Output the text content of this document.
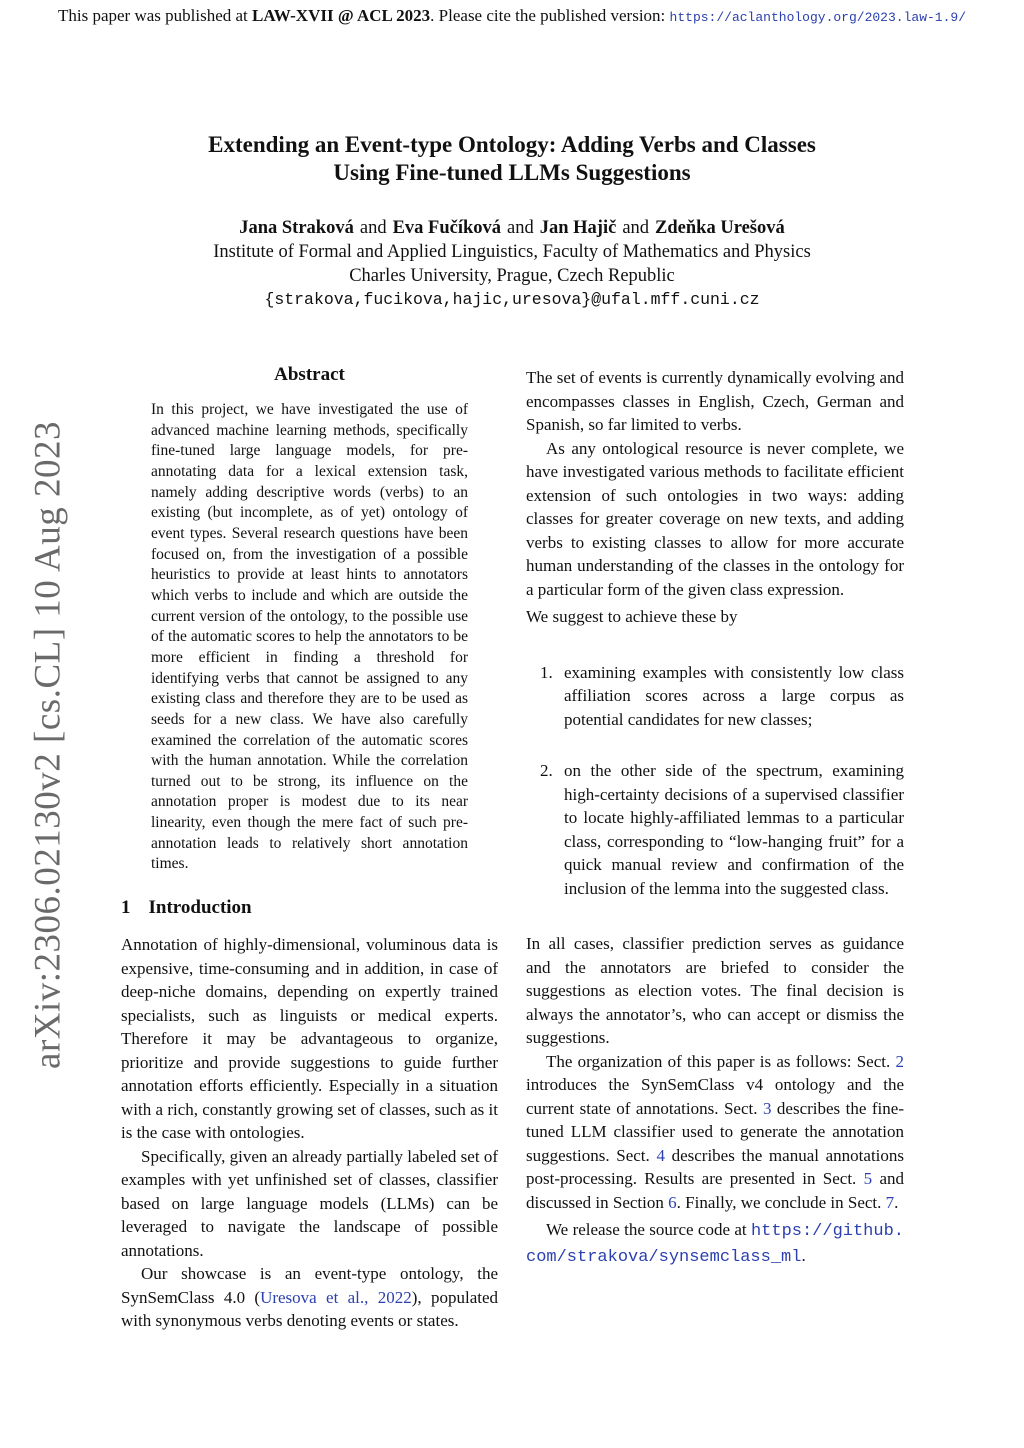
This paper was published at LAW-XVII @ ACL 2023. Please cite the published version: https://aclanthology.org/2023.law-1.9/
arXiv:2306.02130v2 [cs.CL] 10 Aug 2023
Extending an Event-type Ontology: Adding Verbs and Classes
Using Fine-tuned LLMs Suggestions
Jana Straková and Eva Fučíková and Jan Hajič and Zdeňka Urešová
Institute of Formal and Applied Linguistics, Faculty of Mathematics and Physics
Charles University, Prague, Czech Republic
{strakova,fucikova,hajic,uresova}@ufal.mff.cuni.cz
Abstract

In this project, we have investigated the use of advanced machine learning methods, specifically fine-tuned large language models, for pre-annotating data for a lexical extension task, namely adding descriptive words (verbs) to an existing (but incomplete, as of yet) ontology of event types. Several research questions have been focused on, from the investigation of a possible heuristics to provide at least hints to annotators which verbs to include and which are outside the current version of the ontology, to the possible use of the automatic scores to help the annotators to be more efficient in finding a threshold for identifying verbs that cannot be assigned to any existing class and therefore they are to be used as seeds for a new class. We have also carefully examined the correlation of the automatic scores with the human annotation. While the correlation turned out to be strong, its influence on the annotation proper is modest due to its near linearity, even though the mere fact of such pre-annotation leads to relatively short annotation times.

1 Introduction

Annotation of highly-dimensional, voluminous data is expensive, time-consuming and in addition, in case of deep-niche domains, depending on expertly trained specialists, such as linguists or medical experts. Therefore it may be advantageous to organize, prioritize and provide suggestions to guide further annotation efforts efficiently. Especially in a situation with a rich, constantly growing set of classes, such as it is the case with ontologies.

Specifically, given an already partially labeled set of examples with yet unfinished set of classes, classifier based on large language models (LLMs) can be leveraged to navigate the landscape of possible annotations.

Our showcase is an event-type ontology, the SynSemClass 4.0 (Uresova et al., 2022), populated with synonymous verbs denoting events or states.

The set of events is currently dynamically evolving and encompasses classes in English, Czech, German and Spanish, so far limited to verbs.

As any ontological resource is never complete, we have investigated various methods to facilitate efficient extension of such ontologies in two ways: adding classes for greater coverage on new texts, and adding verbs to existing classes to allow for more accurate human understanding of the classes in the ontology for a particular form of the given class expression.

We suggest to achieve these by

1. examining examples with consistently low class affiliation scores across a large corpus as potential candidates for new classes;
2. on the other side of the spectrum, examining high-certainty decisions of a supervised classifier to locate highly-affiliated lemmas to a particular class, corresponding to “low-hanging fruit” for a quick manual review and confirmation of the inclusion of the lemma into the suggested class.

In all cases, classifier prediction serves as guidance and the annotators are briefed to consider the suggestions as election votes. The final decision is always the annotator’s, who can accept or dismiss the suggestions.

The organization of this paper is as follows: Sect. 2 introduces the SynSemClass v4 ontology and the current state of annotations. Sect. 3 describes the fine-tuned LLM classifier used to generate the annotation suggestions. Sect. 4 describes the manual annotations post-processing. Results are presented in Sect. 5 and discussed in Section 6. Finally, we conclude in Sect. 7.

We release the source code at https://github. com/strakova/synsemclass_ml.
